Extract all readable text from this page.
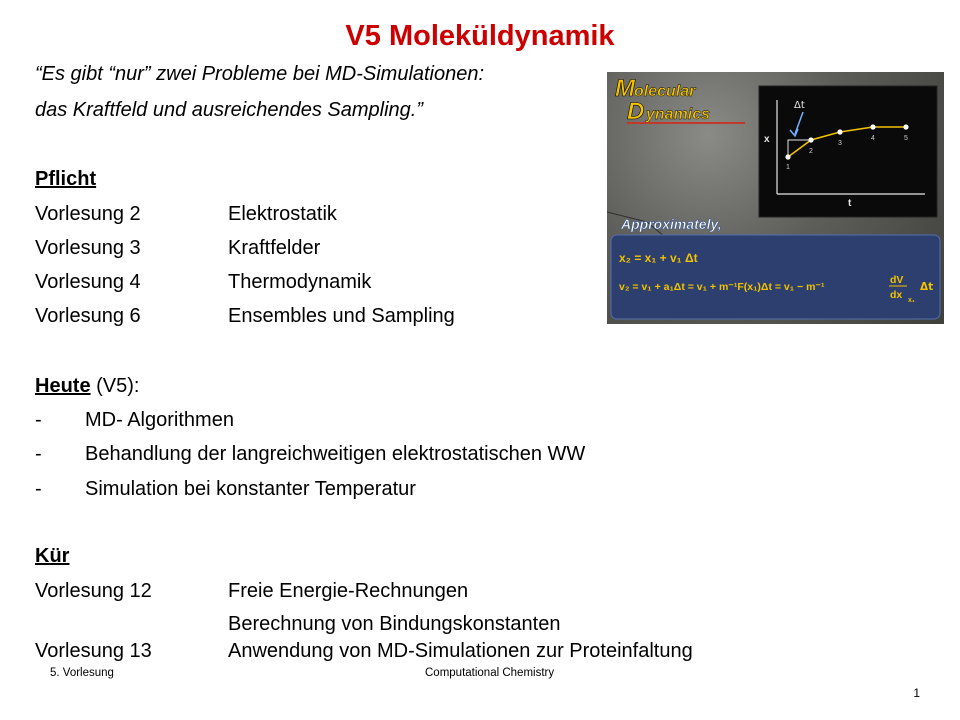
V5 Moleküldynamik
“Es gibt “nur” zwei Probleme bei MD-Simulationen:
das Kraftfeld und ausreichendes Sampling.”
Pflicht
Vorlesung 2	Elektrostatik
Vorlesung 3	Kraftfelder
Vorlesung 4	Thermodynamik
Vorlesung 6	Ensembles und Sampling
Heute (V5):
- MD- Algorithmen
- Behandlung der langreichweitigen elektrostatischen WW
- Simulation bei konstanter Temperatur
Kür
Vorlesung 12	Freie Energie-Rechnungen
Berechnung von Bindungskonstanten
Vorlesung 13	Anwendung von MD-Simulationen zur Proteinfaltung
5. Vorlesung	Computational Chemistry
1
M olecular
D ynamics
x
t
Δt
1
2
3
4	5
Approximately,
x₂ = x₁ + v₁ Δt
v₂ = v₁ + a₁Δt = v₁ + m⁻¹F(x₁)Δt = v₁ − m⁻¹
dV
dx x₁
Δt
